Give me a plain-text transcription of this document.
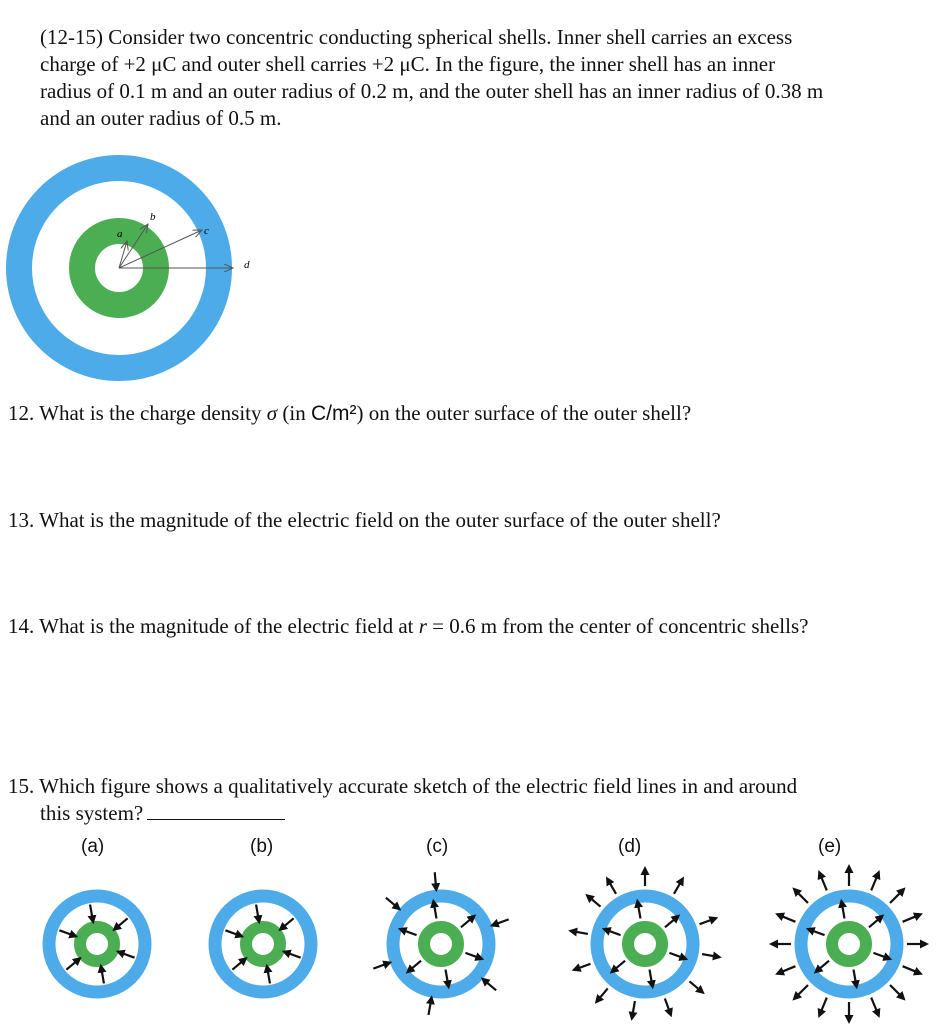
(12-15) Consider two concentric conducting spherical shells. Inner shell carries an excess
charge of +2 μC and outer shell carries +2 μC. In the figure, the inner shell has an inner
radius of 0.1 m and an outer radius of 0.2 m, and the outer shell has an inner radius of 0.38 m
and an outer radius of 0.5 m.
a
b
c
d
12. What is the charge density σ (in C/m²) on the outer surface of the outer shell?
13. What is the magnitude of the electric field on the outer surface of the outer shell?
14. What is the magnitude of the electric field at r = 0.6 m from the center of concentric shells?
15. Which figure shows a qualitatively accurate sketch of the electric field lines in and around
this system?
(a)	(b)	(c)	(d)	(e)
